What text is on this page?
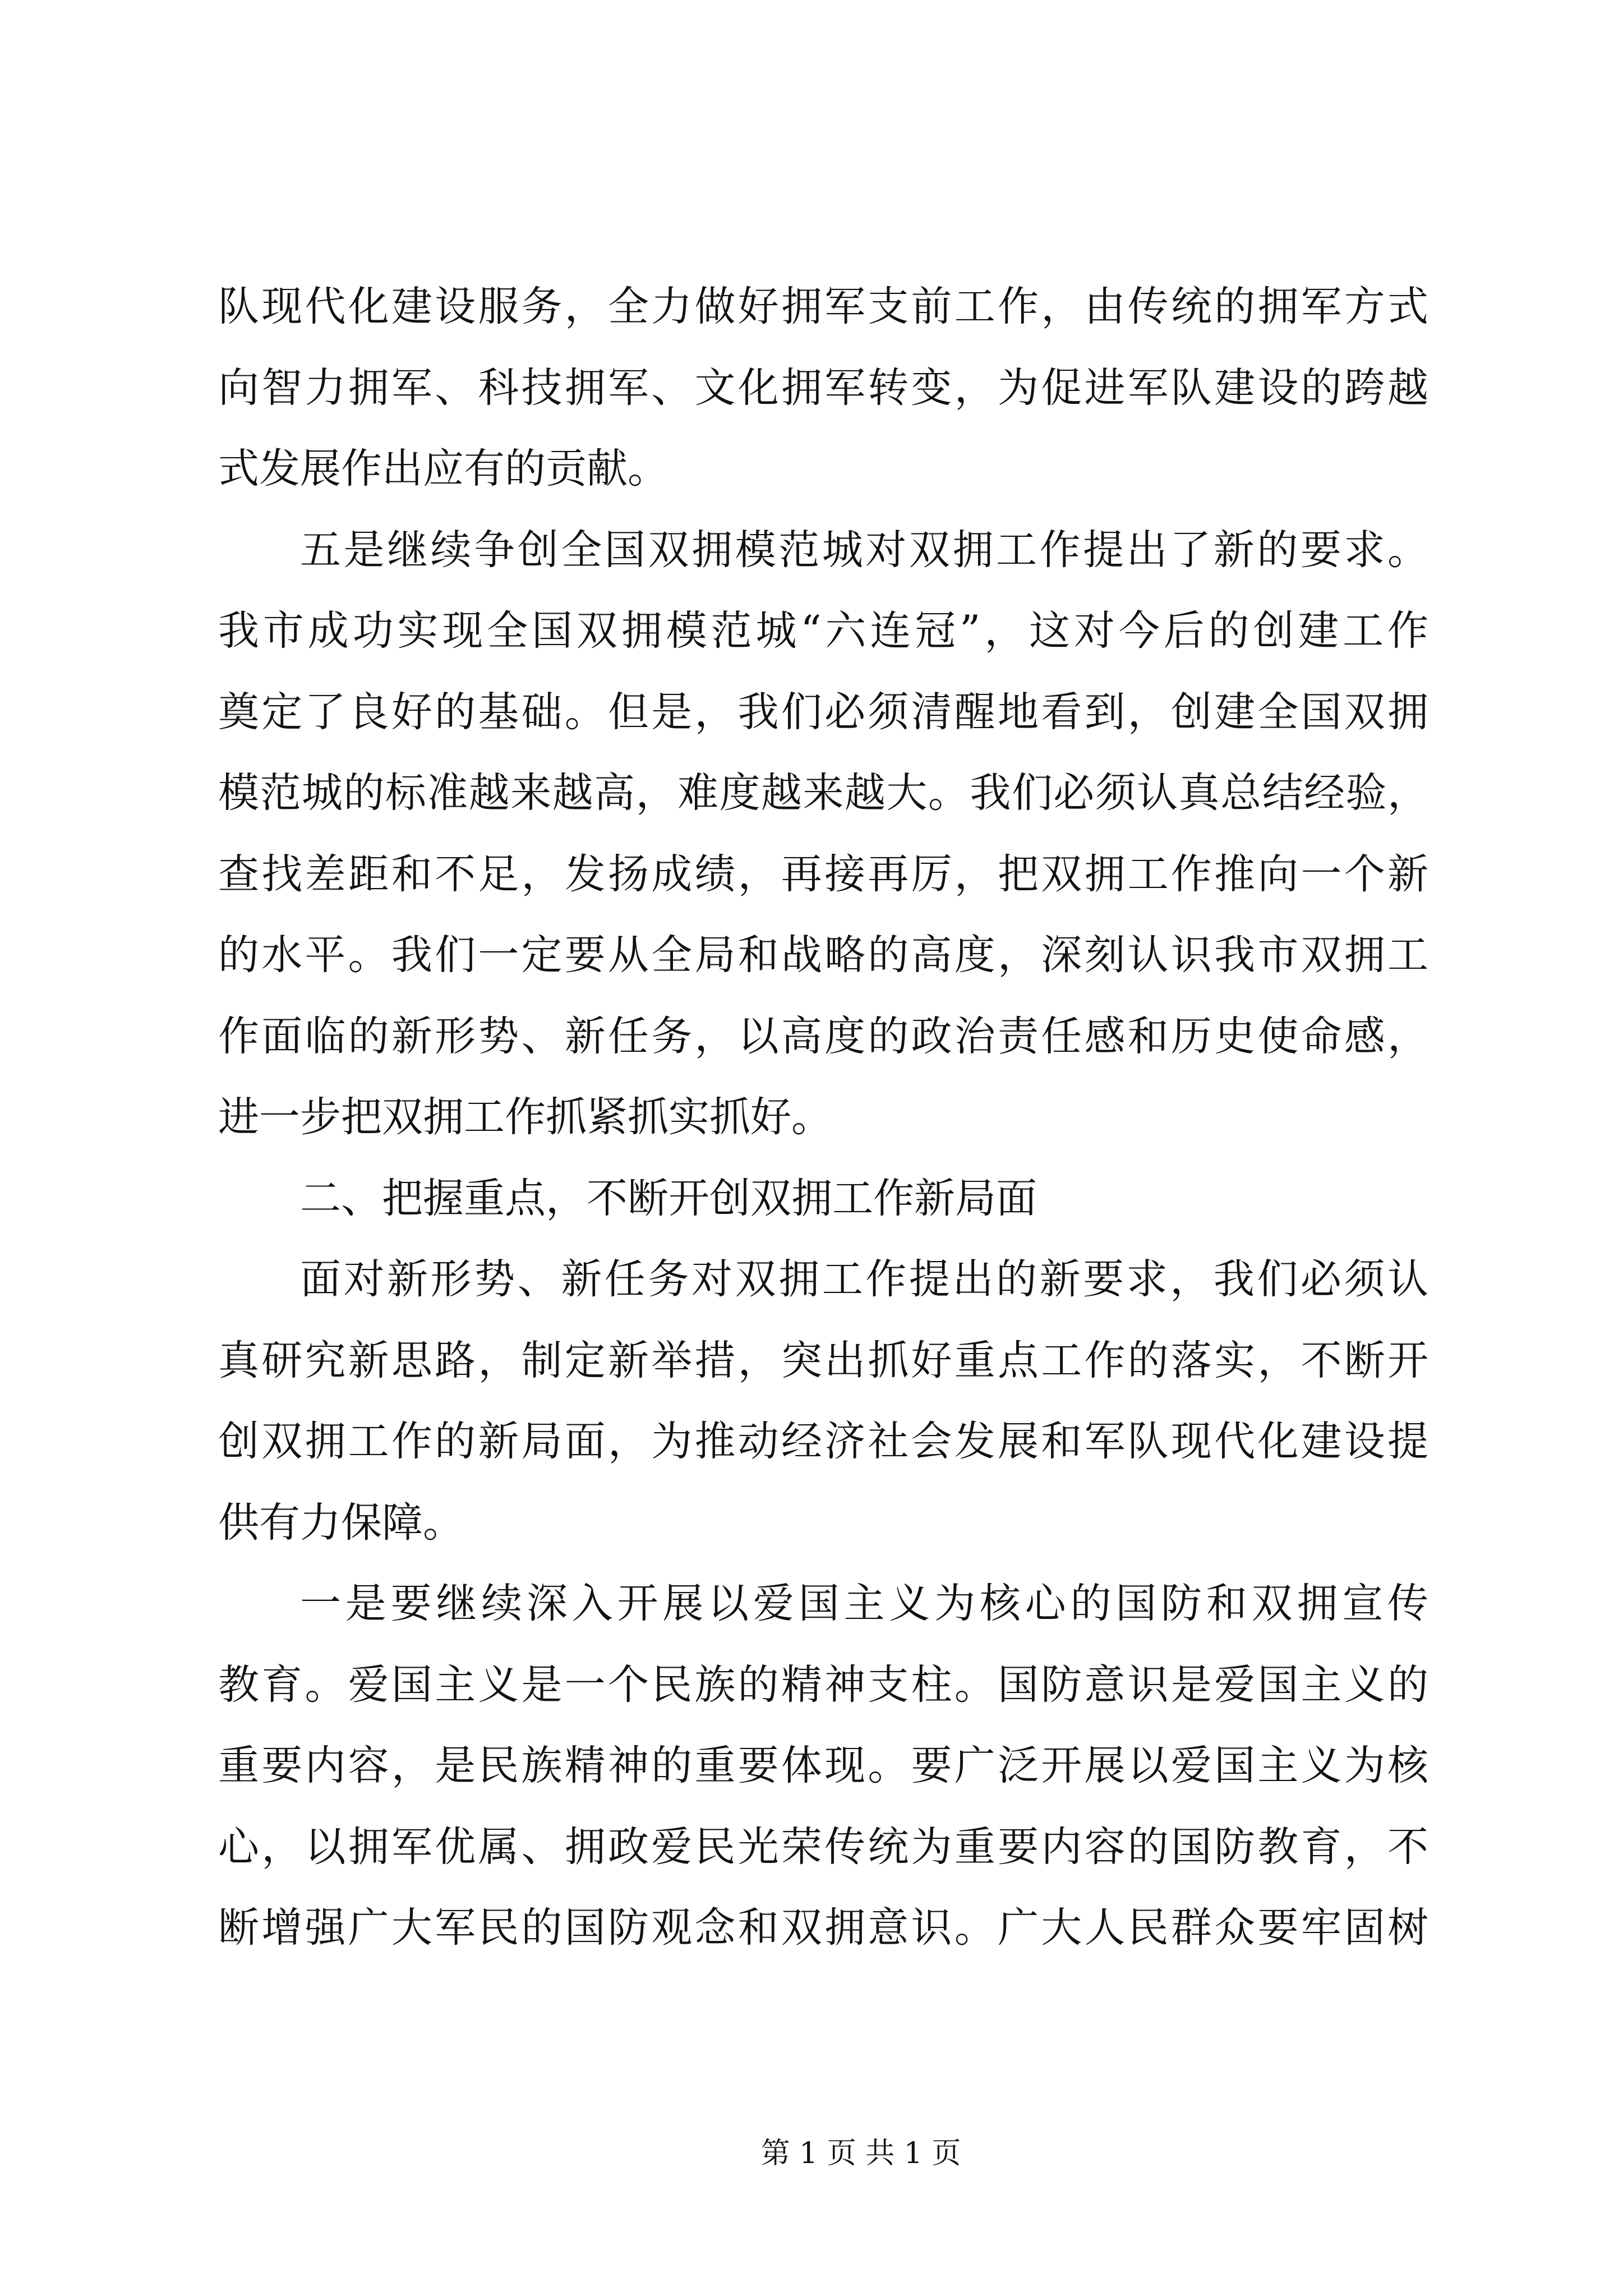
队现代化建设服务，全力做好拥军支前工作，由传统的拥军方式
向智力拥军、科技拥军、文化拥军转变，为促进军队建设的跨越
式发展作出应有的贡献。
五是继续争创全国双拥模范城对双拥工作提出了新的要求。
我市成功实现全国双拥模范城“六连冠”，这对今后的创建工作
奠定了良好的基础。但是，我们必须清醒地看到，创建全国双拥
模范城的标准越来越高，难度越来越大。我们必须认真总结经验，
查找差距和不足，发扬成绩，再接再厉，把双拥工作推向一个新
的水平。我们一定要从全局和战略的高度，深刻认识我市双拥工
作面临的新形势、新任务，以高度的政治责任感和历史使命感，
进一步把双拥工作抓紧抓实抓好。
二、把握重点，不断开创双拥工作新局面
面对新形势、新任务对双拥工作提出的新要求，我们必须认
真研究新思路，制定新举措，突出抓好重点工作的落实，不断开
创双拥工作的新局面，为推动经济社会发展和军队现代化建设提
供有力保障。
一是要继续深入开展以爱国主义为核心的国防和双拥宣传
教育。爱国主义是一个民族的精神支柱。国防意识是爱国主义的
重要内容，是民族精神的重要体现。要广泛开展以爱国主义为核
心，以拥军优属、拥政爱民光荣传统为重要内容的国防教育，不
断增强广大军民的国防观念和双拥意识。广大人民群众要牢固树
第 1 页 共 1 页
